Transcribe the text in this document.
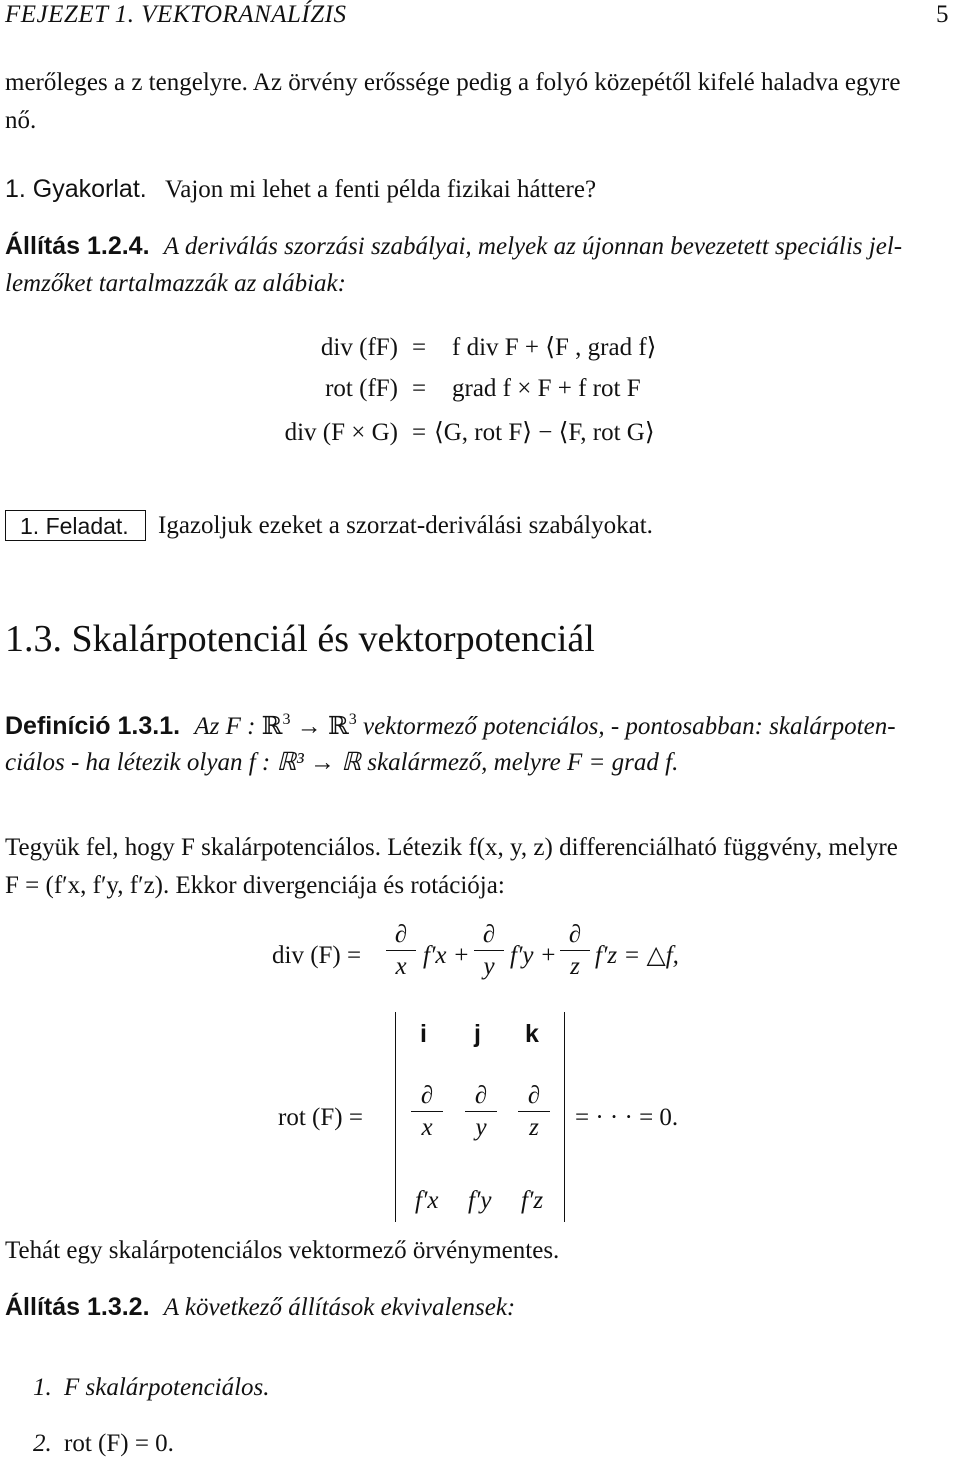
FEJEZET 1. VEKTORANALÍZIS	5
merőleges a z tengelyre. Az örvény erőssége pedig a folyó közepétől kifelé haladva egyre
nő.
1. Gyakorlat. Vajon mi lehet a fenti példa fizikai háttere?
Állítás 1.2.4. A deriválás szorzási szabályai, melyek az újonnan bevezetett speciális jel-
lemzőket tartalmazzák az alábiak:
div (fF) = f div F + ⟨F , grad f⟩
rot (fF) = grad f × F + f rot F
div (F × G) = ⟨G, rot F⟩ − ⟨F, rot G⟩
1. Feladat. Igazoljuk ezeket a szorzat-deriválási szabályokat.
1.3. Skalárpotenciál és vektorpotenciál
Definíció 1.3.1. Az F : ℝ$^3$ → ℝ$^3$ vektormező potenciálos, - pontosabban: skalárpoten-
ciálos - ha létezik olyan f : ℝ³ → ℝ skalármező, melyre F = grad f.
Tegyük fel, hogy F skalárpotenciálos. Létezik f(x, y, z) differenciálható függvény, melyre
F = (f′x, f′y, f′z). Ekkor divergenciája és rotációja:
div (F) =
∂
x f′x +
∂
y f′y +
∂
z f′z = △f,
rot (F) =
i j k
∂
x
∂
y
∂
z
f′x f′y f′z
= · · · = 0.
Tehát egy skalárpotenciálos vektormező örvénymentes.
Állítás 1.3.2. A következő állítások ekvivalensek:
1. F skalárpotenciálos.
2. rot (F) = 0.
